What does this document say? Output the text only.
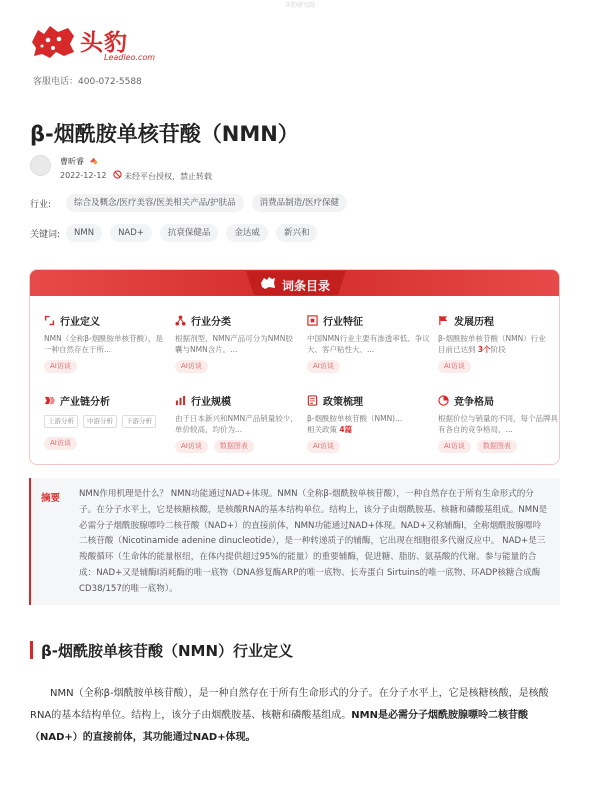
头豹研究院
头豹
Leadleo.com
客服电话：400-072-5588
β-烟酰胺单核苷酸（NMN）
曹昕睿
2022-12-12 未经平台授权，禁止转载
行业:	综合及概念/医疗美容/医美相关产品/护肤品	消费品制造/医疗保健
关键词:	NMN	NAD+	抗衰保健品	金达威	新兴和
词条目录
行业定义
NMN（全称β-烟酰胺单核苷酸），是一种自然存在于所...
AI访谈
行业分类
根据剂型，NMN产品可分为NMN胶囊与NMN含片。...
AI访谈
行业特征
中国NMN行业主要有渗透率低、争议大、客户粘性大、...
AI访谈
发展历程
β-烟酰胺单核苷酸（NMN）行业
目前已达到 3个阶段
AI访谈
产业链分析
上游分析	中游分析	下游分析
AI访谈
行业规模
由于日本新兴和NMN产品销量较少，单价较高，均价为...
AI访谈	数据图表
政策梳理
β-烟酰胺单核苷酸（NMN)...
相关政策 4篇
AI访谈
竞争格局
根据价位与销量的不同，每个品牌具有各自的竞争格局，...
AI访谈	数据图表
摘要 NMN作用机理是什么？ NMN功能通过NAD+体现。NMN（全称β-烟酰胺单核苷酸），一种自然存在于所有生命形式的分子。在分子水平上，它是核糖核酸，是核酸RNA的基本结构单位。结构上，该分子由烟酰胺基、核糖和磷酸基组成。NMN是必需分子烟酰胺腺嘌呤二核苷酸（NAD+）的直接前体，NMN功能通过NAD+体现。NAD+又称辅酶I，全称烟酰胺腺嘌呤二核苷酸（Nicotinamide adenine dinucleotide），是一种转递质子的辅酶，它出现在细胞很多代谢反应中。 NAD+是三羧酸循环（生命体的能量枢纽，在体内提供超过95%的能量）的重要辅酶，促进糖、脂肪、氨基酸的代谢。参与能量的合成：NAD+又是辅酶I消耗酶的唯一底物（DNA修复酶ARP的唯一底物、长寿蛋白 Sirtuins的唯一底物、环ADP核糖合成酶CD38/157的唯一底物）。
β-烟酰胺单核苷酸（NMN）行业定义

NMN（全称β-烟酰胺单核苷酸），是一种自然存在于所有生命形式的分子。在分子水平上，它是核糖核酸，是核酸RNA的基本结构单位。结构上，该分子由烟酰胺基、核糖和磷酸基组成。NMN是必需分子烟酰胺腺嘌呤二核苷酸（NAD+）的直接前体，其功能通过NAD+体现。
